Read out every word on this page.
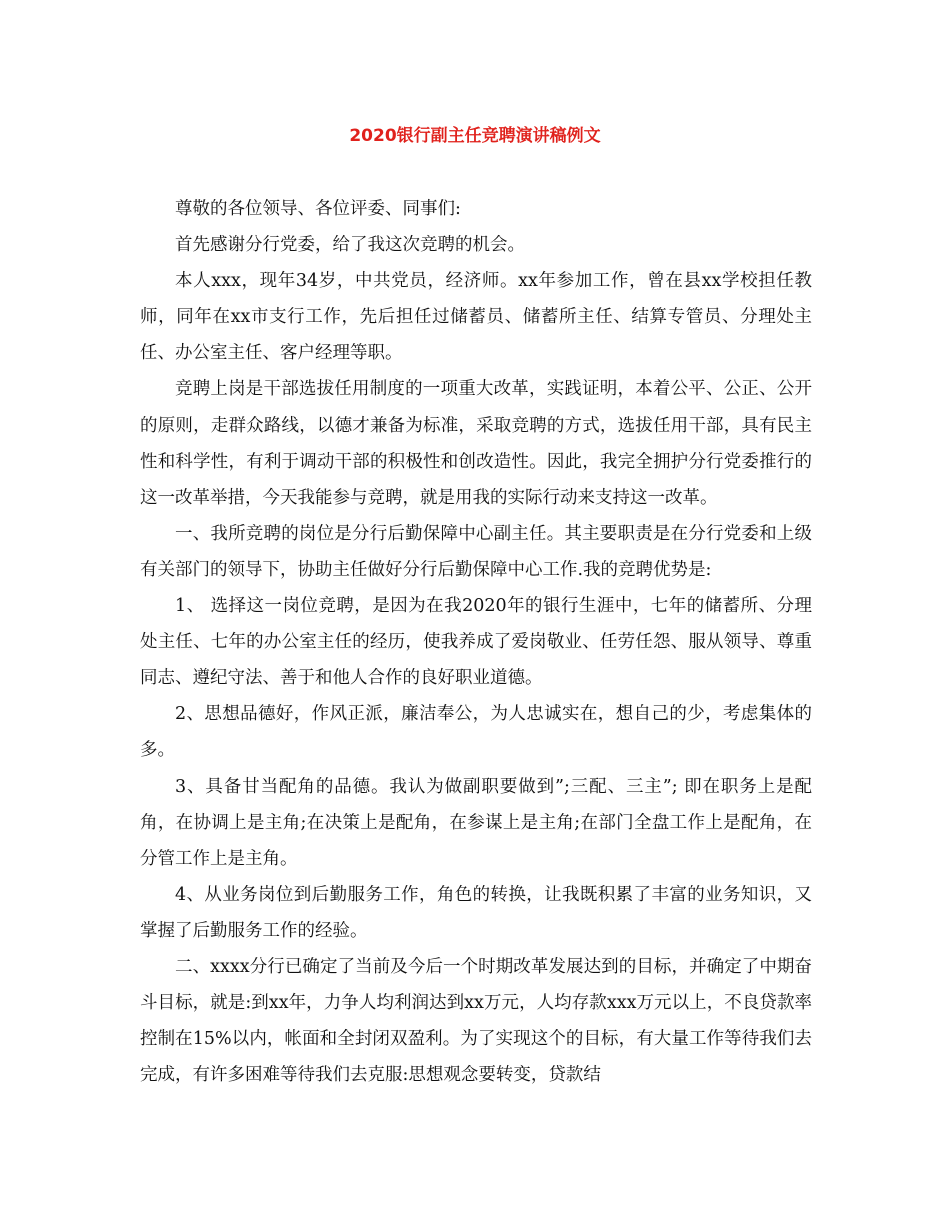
2020银行副主任竞聘演讲稿例文

尊敬的各位领导、各位评委、同事们:

首先感谢分行党委，给了我这次竞聘的机会。

本人xxx，现年34岁，中共党员，经济师。xx年参加工作，曾在县xx学校担任教师，同年在xx市支行工作，先后担任过储蓄员、储蓄所主任、结算专管员、分理处主任、办公室主任、客户经理等职。

竞聘上岗是干部选拔任用制度的一项重大改革，实践证明，本着公平、公正、公开的原则，走群众路线，以德才兼备为标准，采取竞聘的方式，选拔任用干部，具有民主性和科学性，有利于调动干部的积极性和创改造性。因此，我完全拥护分行党委推行的这一改革举措，今天我能参与竞聘，就是用我的实际行动来支持这一改革。

一、我所竞聘的岗位是分行后勤保障中心副主任。其主要职责是在分行党委和上级有关部门的领导下，协助主任做好分行后勤保障中心工作.我的竞聘优势是:

1、 选择这一岗位竞聘，是因为在我2020年的银行生涯中，七年的储蓄所、分理处主任、七年的办公室主任的经历，使我养成了爱岗敬业、任劳任怨、服从领导、尊重同志、遵纪守法、善于和他人合作的良好职业道德。

2、思想品德好，作风正派，廉洁奉公，为人忠诚实在，想自己的少，考虑集体的多。

3、具备甘当配角的品德。我认为做副职要做到”;三配、三主”; 即在职务上是配角，在协调上是主角;在决策上是配角，在参谋上是主角;在部门全盘工作上是配角，在分管工作上是主角。

4、从业务岗位到后勤服务工作，角色的转换，让我既积累了丰富的业务知识，又掌握了后勤服务工作的经验。

二、xxxx分行已确定了当前及今后一个时期改革发展达到的目标，并确定了中期奋斗目标，就是:到xx年，力争人均利润达到xx万元，人均存款xxx万元以上，不良贷款率控制在15%以内，帐面和全封闭双盈利。为了实现这个的目标，有大量工作等待我们去完成，有许多困难等待我们去克服:思想观念要转变，贷款结
